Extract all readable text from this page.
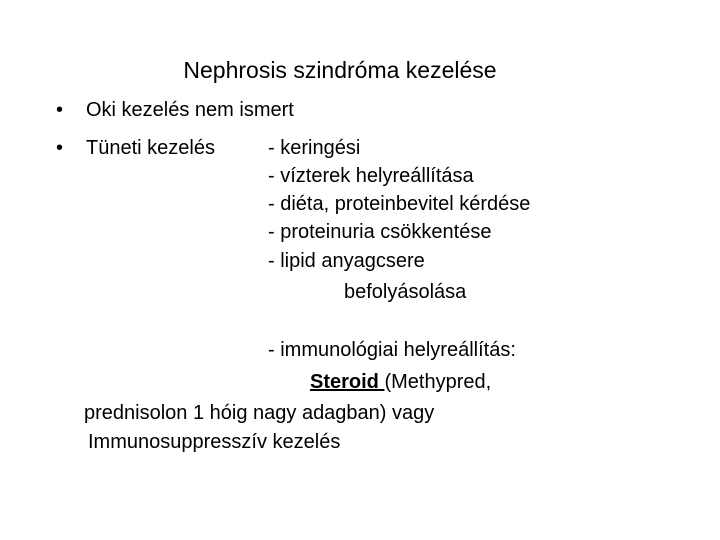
Nephrosis szindróma kezelése
• Oki kezelés nem ismert
• Tüneti kezelés	- keringési
- vízterek helyreállítása
- diéta, proteinbevitel kérdése
- proteinuria csökkentése
- lipid anyagcsere
befolyásolása
- immunológiai helyreállítás:
Steroid (Methypred,
prednisolon 1 hóig nagy adagban) vagy
Immunosuppresszív kezelés
